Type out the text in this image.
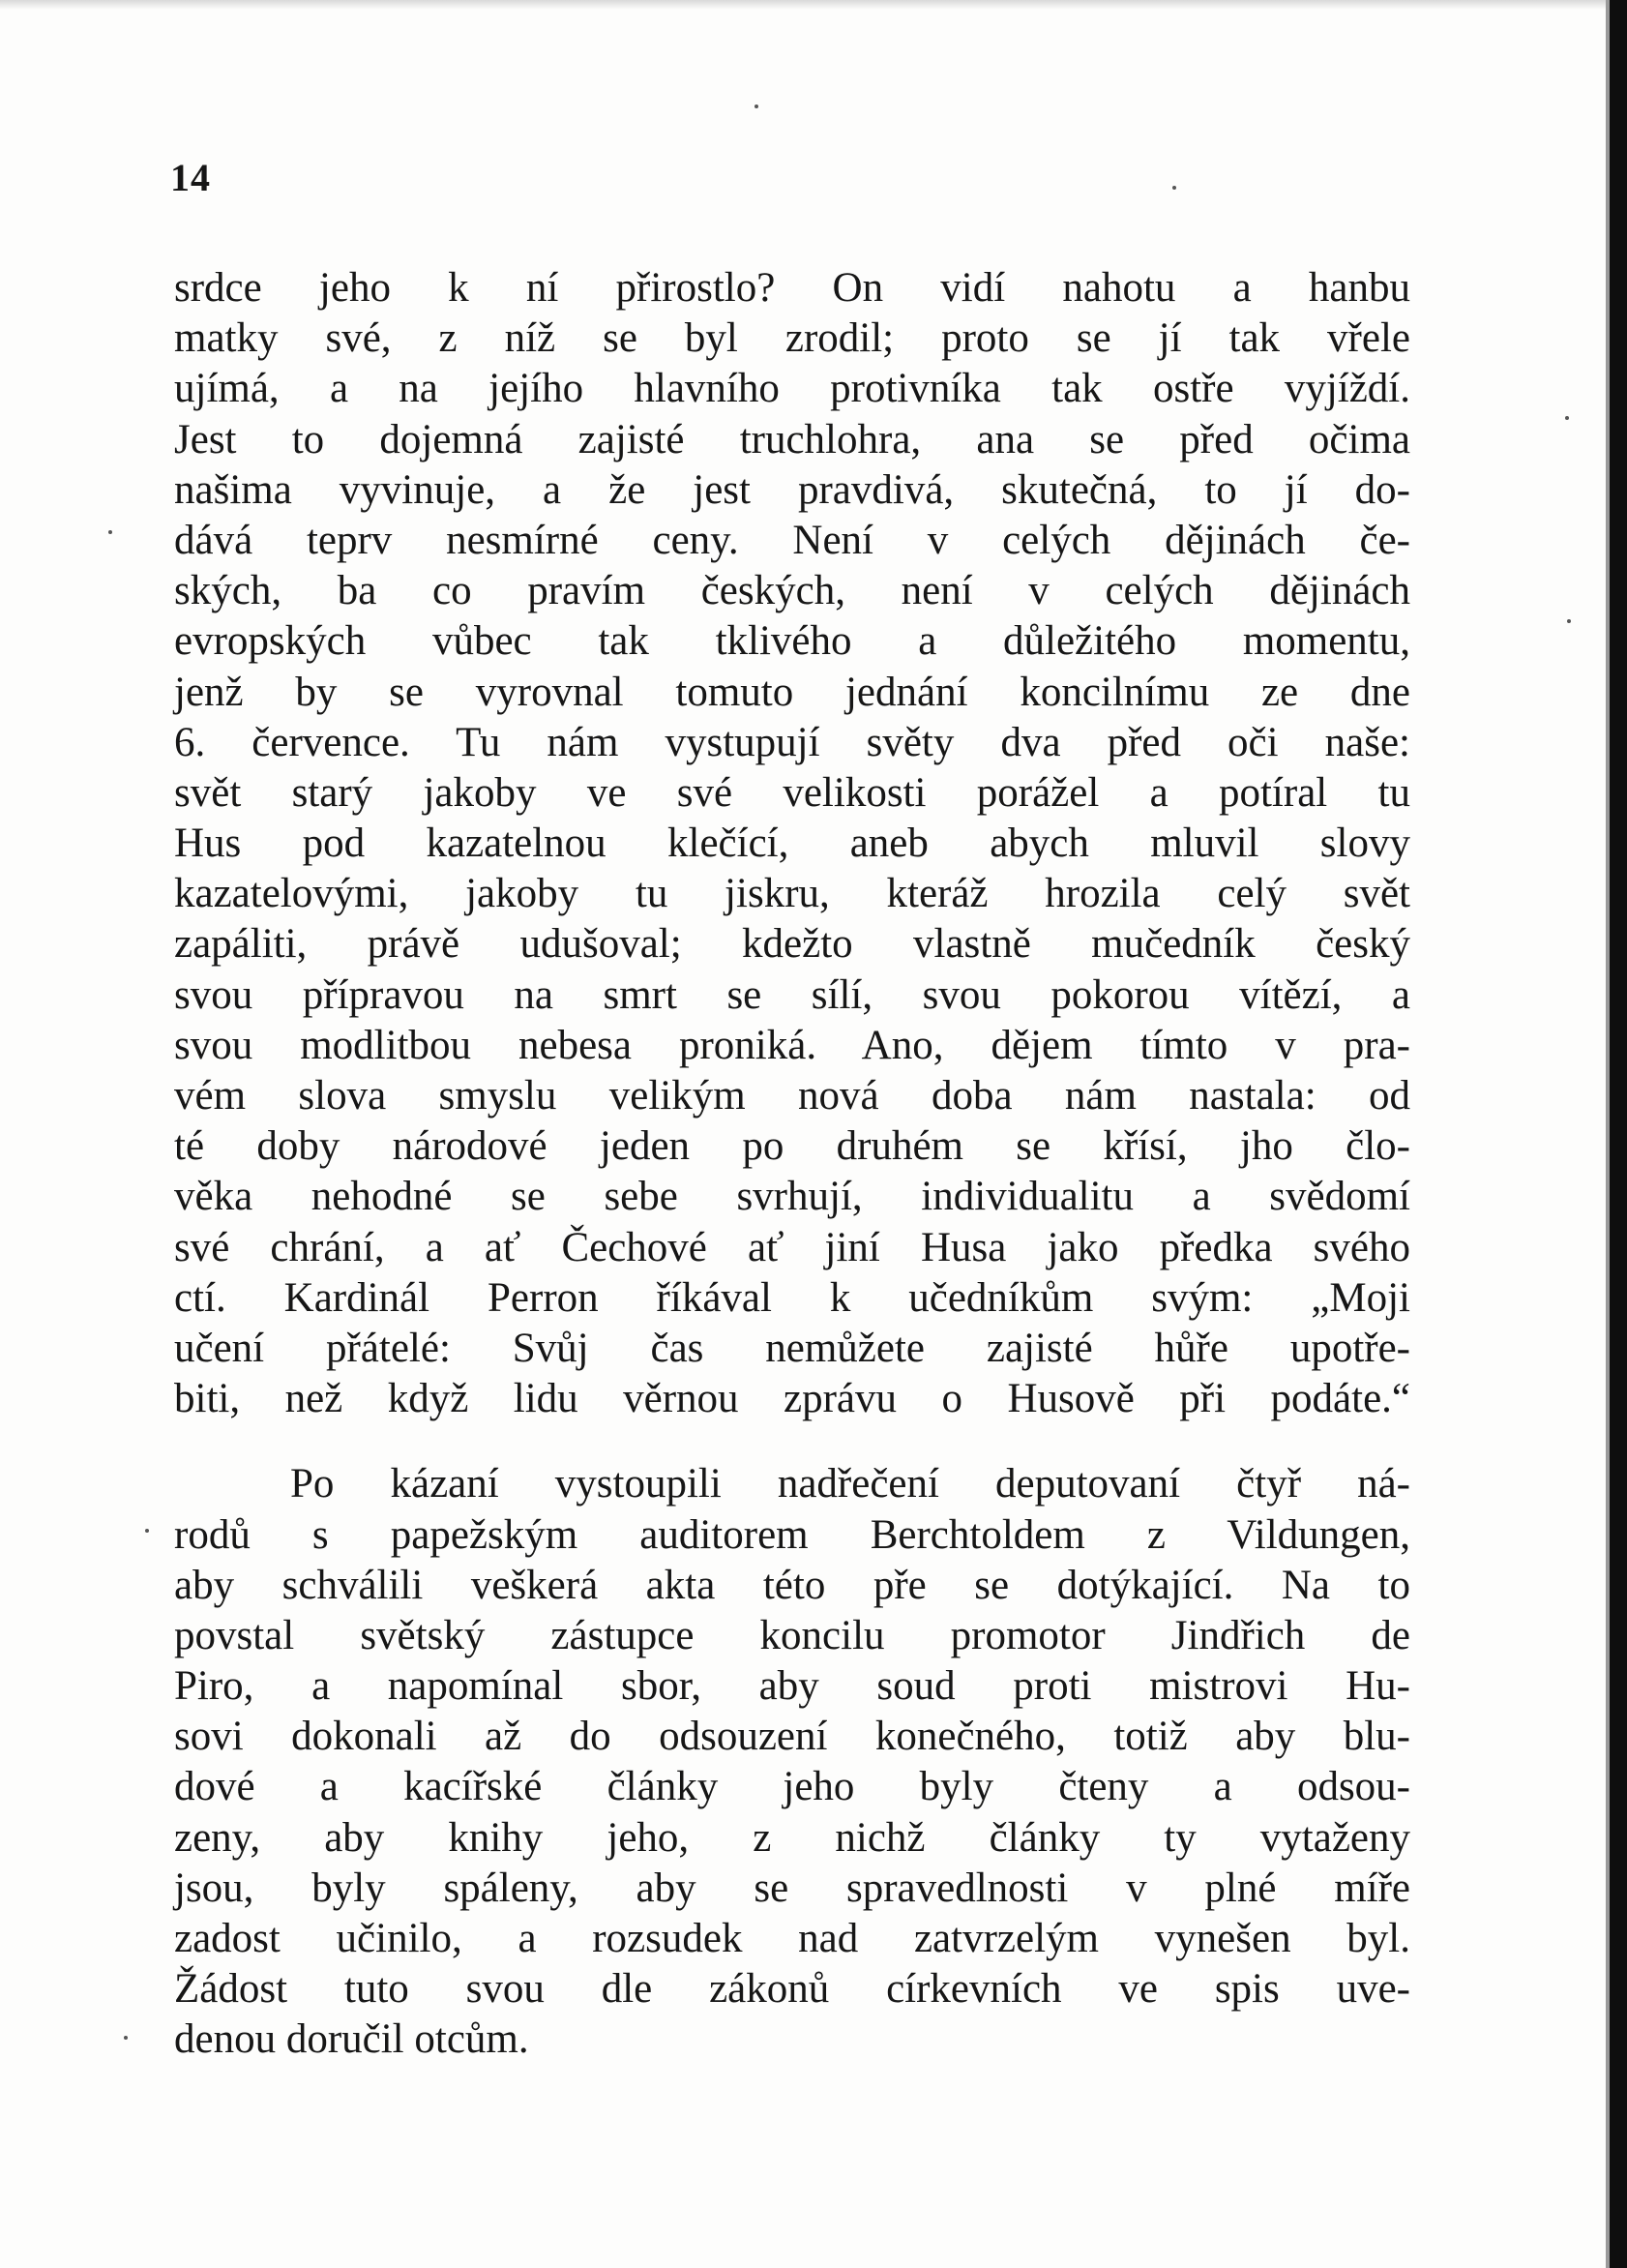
14
srdce jeho k ní přirostlo? On vidí nahotu a hanbu
matky své, z níž se byl zrodil; proto se jí tak vřele
ujímá, a na jejího hlavního protivníka tak ostře vyjíždí.
Jest to dojemná zajisté truchlohra, ana se před očima
našima vyvinuje, a že jest pravdivá, skutečná, to jí do-
dává teprv nesmírné ceny. Není v celých dějinách če-
ských, ba co pravím českých, není v celých dějinách
evropských vůbec tak tklivého a důležitého momentu,
jenž by se vyrovnal tomuto jednání koncilnímu ze dne
6. července. Tu nám vystupují světy dva před oči naše:
svět starý jakoby ve své velikosti porážel a potíral tu
Hus pod kazatelnou klečící, aneb abych mluvil slovy
kazatelovými, jakoby tu jiskru, kteráž hrozila celý svět
zapáliti, právě udušoval; kdežto vlastně mučedník český
svou přípravou na smrt se sílí, svou pokorou vítězí, a
svou modlitbou nebesa proniká. Ano, dějem tímto v pra-
vém slova smyslu velikým nová doba nám nastala: od
té doby národové jeden po druhém se křísí, jho člo-
věka nehodné se sebe svrhují, individualitu a svědomí
své chrání, a ať Čechové ať jiní Husa jako předka svého
ctí. Kardinál Perron říkával k učedníkům svým: „Moji
učení přátelé: Svůj čas nemůžete zajisté hůře upotře-
biti, než když lidu věrnou zprávu o Husově při podáte.“
Po kázaní vystoupili nadřečení deputovaní čtyř ná-
rodů s papežským auditorem Berchtoldem z Vildungen,
aby schválili veškerá akta této pře se dotýkající. Na to
povstal světský zástupce koncilu promotor Jindřich de
Piro, a napomínal sbor, aby soud proti mistrovi Hu-
sovi dokonali až do odsouzení konečného, totiž aby blu-
dové a kacířské články jeho byly čteny a odsou-
zeny, aby knihy jeho, z nichž články ty vytaženy
jsou, byly spáleny, aby se spravedlnosti v plné míře
zadost učinilo, a rozsudek nad zatvrzelým vynešen byl.
Žádost tuto svou dle zákonů církevních ve spis uve-
denou doručil otcům.
